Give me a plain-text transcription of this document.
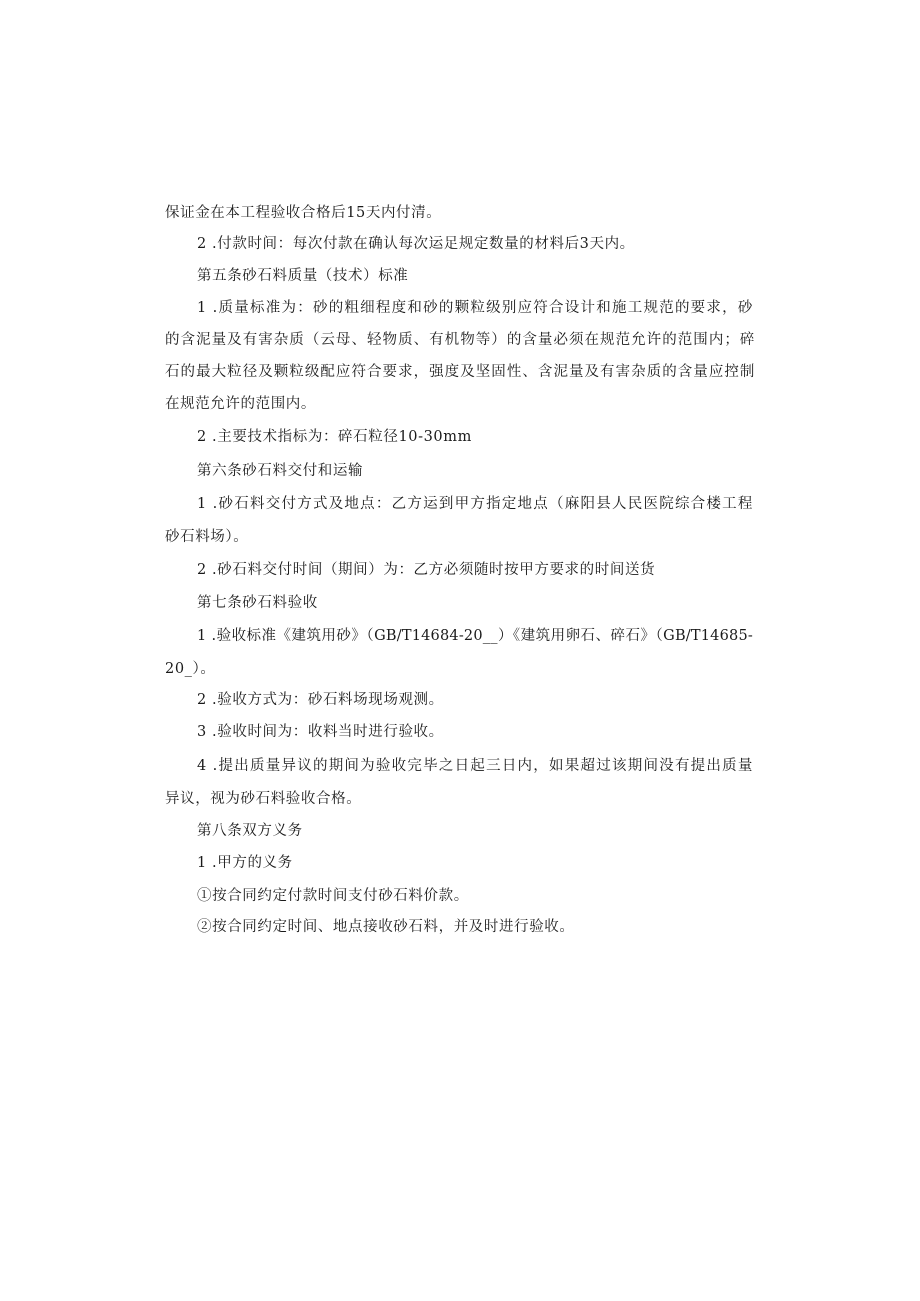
保证金在本工程验收合格后15天内付清。
2 .付款时间：每次付款在确认每次运足规定数量的材料后3天内。
第五条砂石料质量（技术）标准
1 .质量标准为：砂的粗细程度和砂的颗粒级别应符合设计和施工规范的要求，砂
的含泥量及有害杂质（云母、轻物质、有机物等）的含量必须在规范允许的范围内；碎
石的最大粒径及颗粒级配应符合要求，强度及坚固性、含泥量及有害杂质的含量应控制
在规范允许的范围内。
2 .主要技术指标为：碎石粒径10-30mm
第六条砂石料交付和运输
1 .砂石料交付方式及地点：乙方运到甲方指定地点（麻阳县人民医院综合楼工程
砂石料场）。
2 .砂石料交付时间（期间）为：乙方必须随时按甲方要求的时间送货
第七条砂石料验收
1 .验收标准《建筑用砂》（GB/T14684-20__）《建筑用卵石、碎石》（GB/T14685-
20_）。
2 .验收方式为：砂石料场现场观测。
3 .验收时间为：收料当时进行验收。
4 .提出质量异议的期间为验收完毕之日起三日内，如果超过该期间没有提出质量
异议，视为砂石料验收合格。
第八条双方义务
1 .甲方的义务
①按合同约定付款时间支付砂石料价款。
②按合同约定时间、地点接收砂石料，并及时进行验收。
